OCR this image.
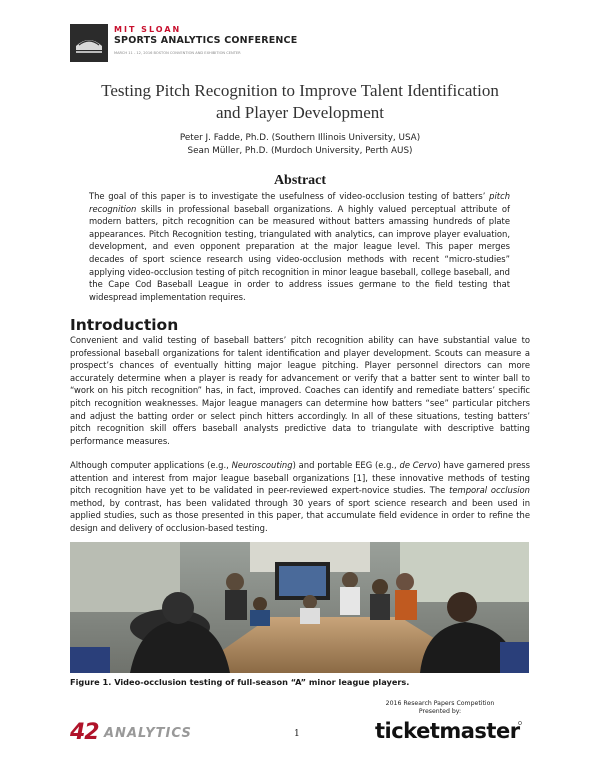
MIT SLOAN
SPORTS ANALYTICS CONFERENCE
MARCH 11 - 12, 2016 BOSTON CONVENTION AND EXHIBITION CENTER
Testing Pitch Recognition to Improve Talent Identification
and Player Development
Peter J. Fadde, Ph.D. (Southern Illinois University, USA)
Sean Müller, Ph.D. (Murdoch University, Perth AUS)
Abstract
The goal of this paper is to investigate the usefulness of video-occlusion testing of batters’ pitch recognition skills in professional baseball organizations. A highly valued perceptual attribute of modern batters, pitch recognition can be measured without batters amassing hundreds of plate appearances. Pitch Recognition testing, triangulated with analytics, can improve player evaluation, development, and even opponent preparation at the major league level. This paper merges decades of sport science research using video-occlusion methods with recent “micro-studies” applying video-occlusion testing of pitch recognition in minor league baseball, college baseball, and the Cape Cod Baseball League in order to address issues germane to the field testing that widespread implementation requires.
Introduction
Convenient and valid testing of baseball batters’ pitch recognition ability can have substantial value to professional baseball organizations for talent identification and player development. Scouts can measure a prospect’s chances of eventually hitting major league pitching. Player personnel directors can more accurately determine when a player is ready for advancement or verify that a batter sent to winter ball to “work on his pitch recognition” has, in fact, improved. Coaches can identify and remediate batters’ specific pitch recognition weaknesses. Major league managers can determine how batters “see” particular pitchers and adjust the batting order or select pinch hitters accordingly. In all of these situations, testing batters’ pitch recognition skill offers baseball analysts predictive data to triangulate with descriptive batting performance measures.
Although computer applications (e.g., Neuroscouting) and portable EEG (e.g., de Cervo) have garnered press attention and interest from major league baseball organizations [1], these innovative methods of testing pitch recognition have yet to be validated in peer-reviewed expert-novice studies. The temporal occlusion method, by contrast, has been validated through 30 years of sport science research and been used in applied studies, such as those presented in this paper, that accumulate field evidence in order to refine the design and delivery of occlusion-based testing.
Figure 1. Video-occlusion testing of full-season “A” minor league players.
42 ANALYTICS	1
2016 Research Papers Competition
Presented by:
ticketmaster
